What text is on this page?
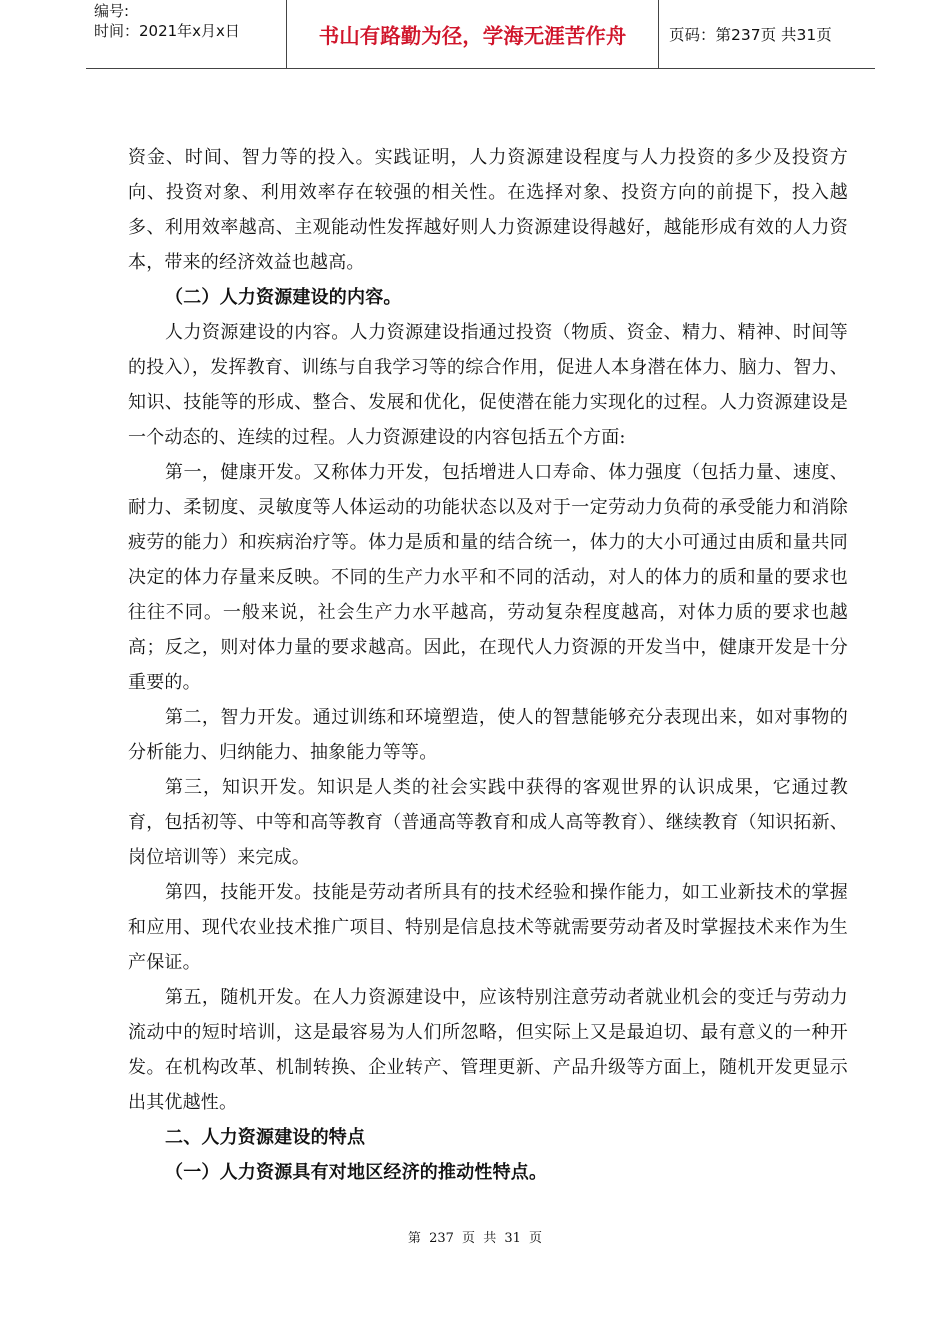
编号:
时间：2021年x月x日	书山有路勤为径，学海无涯苦作舟	页码：第237页 共31页

资金、时间、智力等的投入。实践证明，人力资源建设程度与人力投资的多少及投资方向、投资对象、利用效率存在较强的相关性。在选择对象、投资方向的前提下，投入越多、利用效率越高、主观能动性发挥越好则人力资源建设得越好，越能形成有效的人力资本，带来的经济效益也越高。

（二）人力资源建设的内容。

人力资源建设的内容。人力资源建设指通过投资（物质、资金、精力、精神、时间等的投入），发挥教育、训练与自我学习等的综合作用，促进人本身潜在体力、脑力、智力、知识、技能等的形成、整合、发展和优化，促使潜在能力实现化的过程。人力资源建设是一个动态的、连续的过程。人力资源建设的内容包括五个方面:

第一，健康开发。又称体力开发，包括增进人口寿命、体力强度（包括力量、速度、耐力、柔韧度、灵敏度等人体运动的功能状态以及对于一定劳动力负荷的承受能力和消除疲劳的能力）和疾病治疗等。体力是质和量的结合统一，体力的大小可通过由质和量共同决定的体力存量来反映。不同的生产力水平和不同的活动，对人的体力的质和量的要求也往往不同。一般来说，社会生产力水平越高，劳动复杂程度越高，对体力质的要求也越高；反之，则对体力量的要求越高。因此，在现代人力资源的开发当中，健康开发是十分重要的。

第二，智力开发。通过训练和环境塑造，使人的智慧能够充分表现出来，如对事物的分析能力、归纳能力、抽象能力等等。

第三，知识开发。知识是人类的社会实践中获得的客观世界的认识成果，它通过教育，包括初等、中等和高等教育（普通高等教育和成人高等教育）、继续教育（知识拓新、岗位培训等）来完成。

第四，技能开发。技能是劳动者所具有的技术经验和操作能力，如工业新技术的掌握和应用、现代农业技术推广项目、特别是信息技术等就需要劳动者及时掌握技术来作为生产保证。

第五，随机开发。在人力资源建设中，应该特别注意劳动者就业机会的变迁与劳动力流动中的短时培训，这是最容易为人们所忽略，但实际上又是最迫切、最有意义的一种开发。在机构改革、机制转换、企业转产、管理更新、产品升级等方面上，随机开发更显示出其优越性。

二、人力资源建设的特点

（一）人力资源具有对地区经济的推动性特点。

第 237 页 共 31 页
